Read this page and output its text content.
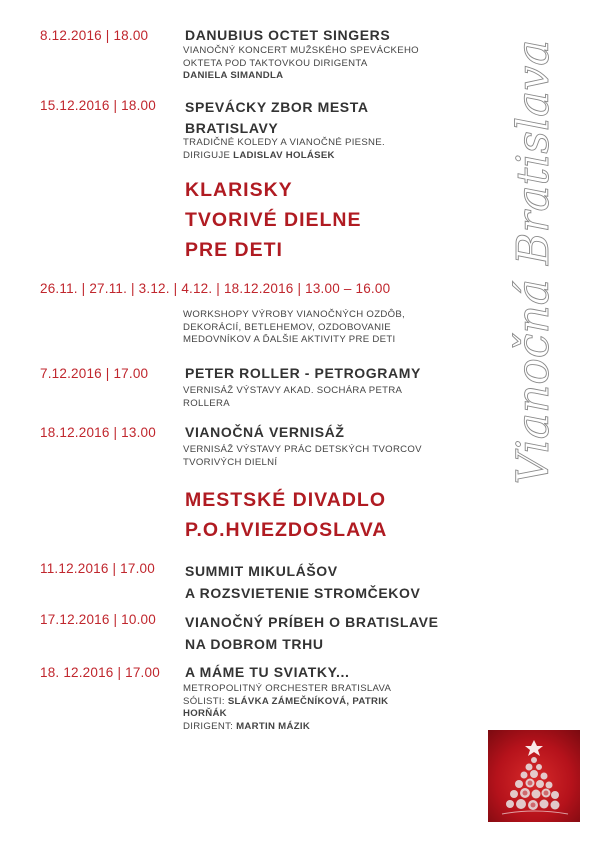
8.12.2016 | 18.00	DANUBIUS OCTET SINGERS
VIANOČNÝ KONCERT MUŽSKÉHO SPEVÁCKEHO
OKTETA POD TAKTOVKOU DIRIGENTA
DANIELA SIMANDLA
15.12.2016 | 18.00 SPEVÁCKY ZBOR MESTA
BRATISLAVY
TRADIČNÉ KOLEDY A VIANOČNÉ PIESNE.
DIRIGUJE LADISLAV HOLÁSEK
KLARISKY
TVORIVÉ DIELNE
PRE DETI
26.11. | 27.11. | 3.12. | 4.12. | 18.12.2016 | 13.00 – 16.00
WORKSHOPY VÝROBY VIANOČNÝCH OZDÔB,
DEKORÁCIÍ, BETLEHEMOV, OZDOBOVANIE
MEDOVNÍKOV A ĎALŠIE AKTIVITY PRE DETI
7.12.2016 | 17.00	PETER ROLLER - PETROGRAMY
VERNISÁŽ VÝSTAVY AKAD. SOCHÁRA PETRA
ROLLERA
18.12.2016 | 13.00 VIANOČNÁ VERNISÁŽ
VERNISÁŽ VÝSTAVY PRÁC DETSKÝCH TVORCOV
TVORIVÝCH DIELNÍ
MESTSKÉ DIVADLO
P.O.HVIEZDOSLAVA
11.12.2016 | 17.00 SUMMIT MIKULÁŠOV
A ROZSVIETENIE STROMČEKOV
17.12.2016 | 10.00 VIANOČNÝ PRÍBEH O BRATISLAVE
NA DOBROM TRHU
18. 12.2016 | 17.00 A MÁME TU SVIATKY...
METROPOLITNÝ ORCHESTER BRATISLAVA
SÓLISTI: SLÁVKA ZÁMEČNÍKOVÁ, PATRIK
HORŇÁK
DIRIGENT: MARTIN MÁZIK
Vianočná Bratislava
